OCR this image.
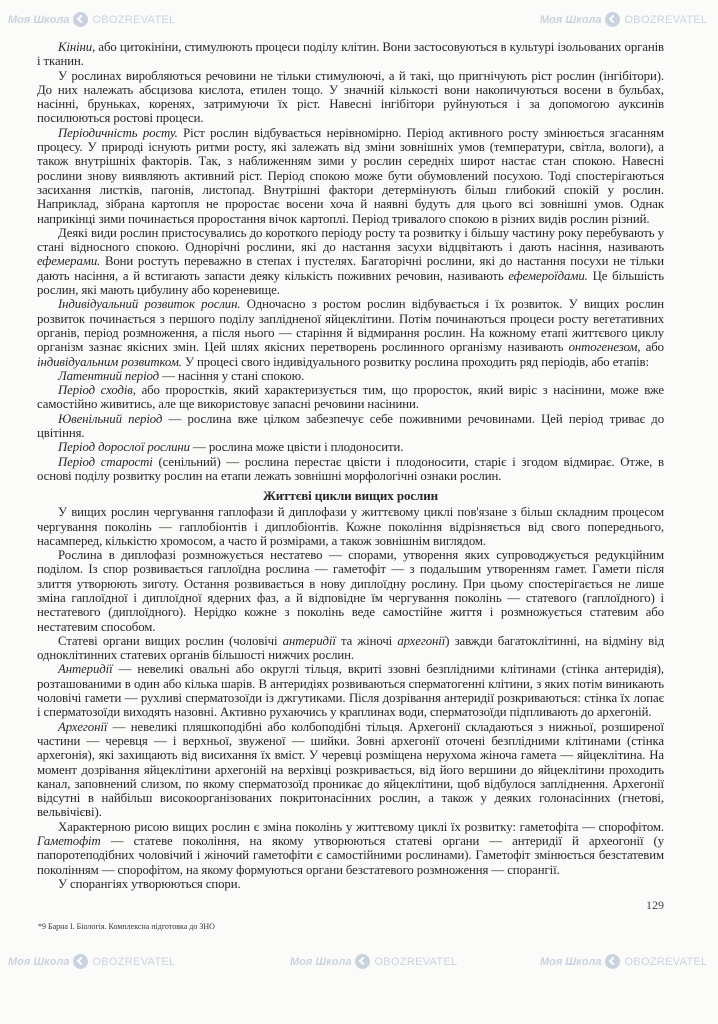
Моя Школа OBOZREVATEL	Моя Школа OBOZREVATEL

Кініни, або цитокініни, стимулюють процеси поділу клітин. Вони застосовуються в культурі ізольованих органів і тканин.

У рослинах виробляються речовини не тільки стимулюючі, а й такі, що пригнічують ріст рослин (інгібітори). До них належать абсцизова кислота, етилен тощо. У значній кількості вони накопичуються восени в бульбах, насінні, бруньках, коренях, затримуючи їх ріст. Навесні інгібітори руйнуються і за допомогою ауксинів посилюються ростові процеси.

Періодичність росту. Ріст рослин відбувається нерівномірно. Період активного росту змінюється згасанням процесу. У природі існують ритми росту, які залежать від зміни зовнішніх умов (температури, світла, вологи), а також внутрішніх факторів. Так, з наближенням зими у рослин середніх широт настає стан спокою. Навесні рослини знову виявляють активний ріст. Період спокою може бути обумовлений посухою. Тоді спостерігаються засихання листків, пагонів, листопад. Внутрішні фактори детермінують більш глибокий спокій у рослин. Наприклад, зібрана картопля не проростає восени хоча й наявні будуть для цього всі зовнішні умов. Однак наприкінці зими починається проростання вічок картоплі. Період тривалого спокою в різних видів рослин різний.

Деякі види рослин пристосувались до короткого періоду росту та розвитку і більшу частину року перебувають у стані відносного спокою. Однорічні рослини, які до настання засухи відцвітають і дають насіння, називають ефемерами. Вони ростуть переважно в степах і пустелях. Багаторічні рослини, які до настання посухи не тільки дають насіння, а й встигають запасти деяку кількість поживних речовин, називають ефемероїдами. Це більшість рослин, які мають цибулину або кореневище.

Індивідуальний розвиток рослин. Одночасно з ростом рослин відбувається і їх розвиток. У вищих рослин розвиток починається з першого поділу заплідненої яйцеклітини. Потім починаються процеси росту вегетативних органів, період розмноження, а після нього — старіння й відмирання рослин. На кожному етапі життєвого циклу організм зазнає якісних змін. Цей шлях якісних перетворень рослинного організму називають онтогенезом, або індивідуальним розвитком. У процесі свого індивідуального розвитку рослина проходить ряд періодів, або етапів:

Латентний період — насіння у стані спокою.

Період сходів, або проростків, який характеризується тим, що проросток, який виріс з насінини, може вже самостійно живитись, але ще використовує запасні речовини насінини.

Ювенільний період — рослина вже цілком забезпечує себе поживними речовинами. Цей період триває до цвітіння.

Період дорослої рослини — рослина може цвісти і плодоносити.

Період старості (сенільний) — рослина перестає цвісти і плодоносити, старіє і згодом відмирає. Отже, в основі поділу розвитку рослин на етапи лежать зовнішні морфологічні ознаки рослин.

Життєві цикли вищих рослин

У вищих рослин чергування гаплофази й диплофази у життєвому циклі пов'язане з більш складним процесом чергування поколінь — гаплобіонтів і диплобіонтів. Кожне покоління відрізняється від свого попереднього, насамперед, кількістю хромосом, а часто й розмірами, а також зовнішнім виглядом.

Рослина в диплофазі розмножується нестатево — спорами, утворення яких супроводжується редукційним поділом. Із спор розвивається гаплоїдна рослина — гаметофіт — з подальшим утворенням гамет. Гамети після злиття утворюють зиготу. Остання розвивається в нову диплоїдну рослину. При цьому спостерігається не лише зміна гаплоїдної і диплоїдної ядерних фаз, а й відповідне їм чергування поколінь — статевого (гаплоїдного) і нестатевого (диплоїдного). Нерідко кожне з поколінь веде самостійне життя і розмножується статевим або нестатевим способом.

Статеві органи вищих рослин (чоловічі антеридії та жіночі архегонії) завжди багатоклітинні, на відміну від одноклітинних статевих органів більшості нижчих рослин.

Антеридії — невеликі овальні або округлі тільця, вкриті ззовні безплідними клітинами (стінка антеридія), розташованими в один або кілька шарів. В антеридіях розвиваються сперматогенні клітини, з яких потім виникають чоловічі гамети — рухливі сперматозоїди із джгутиками. Після дозрівання антеридії розкриваються: стінка їх лопає і сперматозоїди виходять назовні. Активно рухаючись у краплинах води, сперматозоїди підпливають до архегоній.

Архегонії — невеликі пляшкоподібні або колбоподібні тільця. Архегонії складаються з нижньої, розширеної частини — черевця — і верхньої, звуженої — шийки. Зовні архегонії оточені безплідними клітинами (стінка архегонія), які захищають від висихання їх вміст. У черевці розміщена нерухома жіноча гамета — яйцеклітина. На момент дозрівання яйцеклітини архегоній на верхівці розкривається, від його вершини до яйцеклітини проходить канал, заповнений слизом, по якому сперматозоїд проникає до яйцеклітини, щоб відбулося запліднення. Архегонії відсутні в найбільш високоорганізованих покритонасінних рослин, а також у деяких голонасінних (гнетові, вельвічієві).

Характерною рисою вищих рослин є зміна поколінь у життєвому циклі їх розвитку: гаметофіта — спорофітом. Гаметофіт — статеве покоління, на якому утворюються статеві органи — антеридії й археогонії (у папоротеподібних чоловічий і жіночий гаметофіти є самостійними рослинами). Гаметофіт змінюється безстатевим поколінням — спорофітом, на якому формуються органи безстатевого розмноження — спорангії.

У спорангіях утворюються спори.

129
*9 Барна І. Біологія. Комплексна підготовка до ЗНО
Моя Школа OBOZREVATEL	Моя Школа OBOZREVATEL	Моя Школа OBOZREVATEL
